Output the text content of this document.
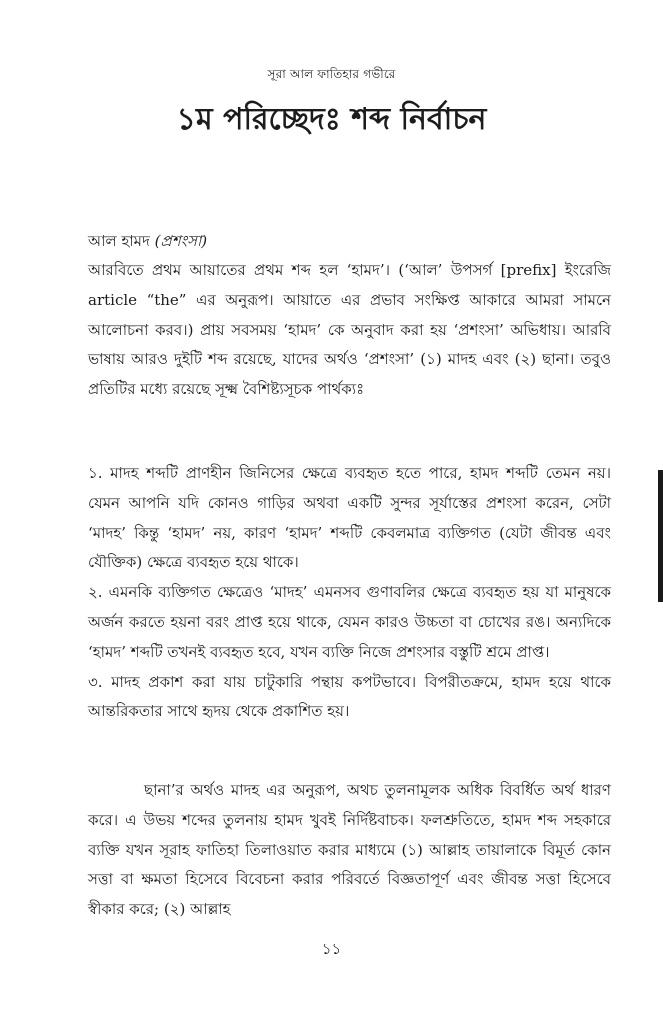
সূরা আল ফাতিহার গভীরে
১ম পরিচ্ছেদঃ শব্দ নির্বাচন
আল হামদ (প্রশংসা)

আরবিতে প্রথম আয়াতের প্রথম শব্দ হল ‘হামদ’। (‘আল’ উপসর্গ [prefix] ইংরেজি article “the” এর অনুরূপ। আয়াতে এর প্রভাব সংক্ষিপ্ত আকারে আমরা সামনে আলোচনা করব।) প্রায় সবসময় ‘হামদ’ কে অনুবাদ করা হয় ‘প্রশংসা’ অভিধায়। আরবি ভাষায় আরও দুইটি শব্দ রয়েছে, যাদের অর্থও ‘প্রশংসা’ (১) মাদহ এবং (২) ছানা। তবুও প্রতিটির মধ্যে রয়েছে সূক্ষ্ম বৈশিষ্ট্যসূচক পার্থক্যঃ

১. মাদহ শব্দটি প্রাণহীন জিনিসের ক্ষেত্রে ব্যবহৃত হতে পারে, হামদ শব্দটি তেমন নয়। যেমন আপনি যদি কোনও গাড়ির অথবা একটি সুন্দর সূর্যাস্তের প্রশংসা করেন, সেটা ‘মাদহ’ কিন্তু ‘হামদ’ নয়, কারণ ‘হামদ’ শব্দটি কেবলমাত্র ব্যক্তিগত (যেটা জীবন্ত এবং যৌক্তিক) ক্ষেত্রে ব্যবহৃত হয়ে থাকে।

২. এমনকি ব্যক্তিগত ক্ষেত্রেও ‘মাদহ’ এমনসব গুণাবলির ক্ষেত্রে ব্যবহৃত হয় যা মানুষকে অর্জন করতে হয়না বরং প্রাপ্ত হয়ে থাকে, যেমন কারও উচ্চতা বা চোখের রঙ। অন্যদিকে ‘হামদ’ শব্দটি তখনই ব্যবহৃত হবে, যখন ব্যক্তি নিজে প্রশংসার বস্তুটি শ্রমে প্রাপ্ত।

৩. মাদহ প্রকাশ করা যায় চাটুকারি পন্থায় কপটভাবে। বিপরীতক্রমে, হামদ হয়ে থাকে আন্তরিকতার সাথে হৃদয় থেকে প্রকাশিত হয়।

ছানা’র অর্থও মাদহ এর অনুরূপ, অথচ তুলনামূলক অধিক বিবর্ধিত অর্থ ধারণ করে। এ উভয় শব্দের তুলনায় হামদ খুবই নির্দিষ্টবাচক। ফলশ্রুতিতে, হামদ শব্দ সহকারে ব্যক্তি যখন সূরাহ ফাতিহা তিলাওয়াত করার মাধ্যমে (১) আল্লাহ তায়ালাকে বিমূর্ত কোন সত্তা বা ক্ষমতা হিসেবে বিবেচনা করার পরিবর্তে বিজ্ঞতাপূর্ণ এবং জীবন্ত সত্তা হিসেবে স্বীকার করে; (২) আল্লাহ

১১
